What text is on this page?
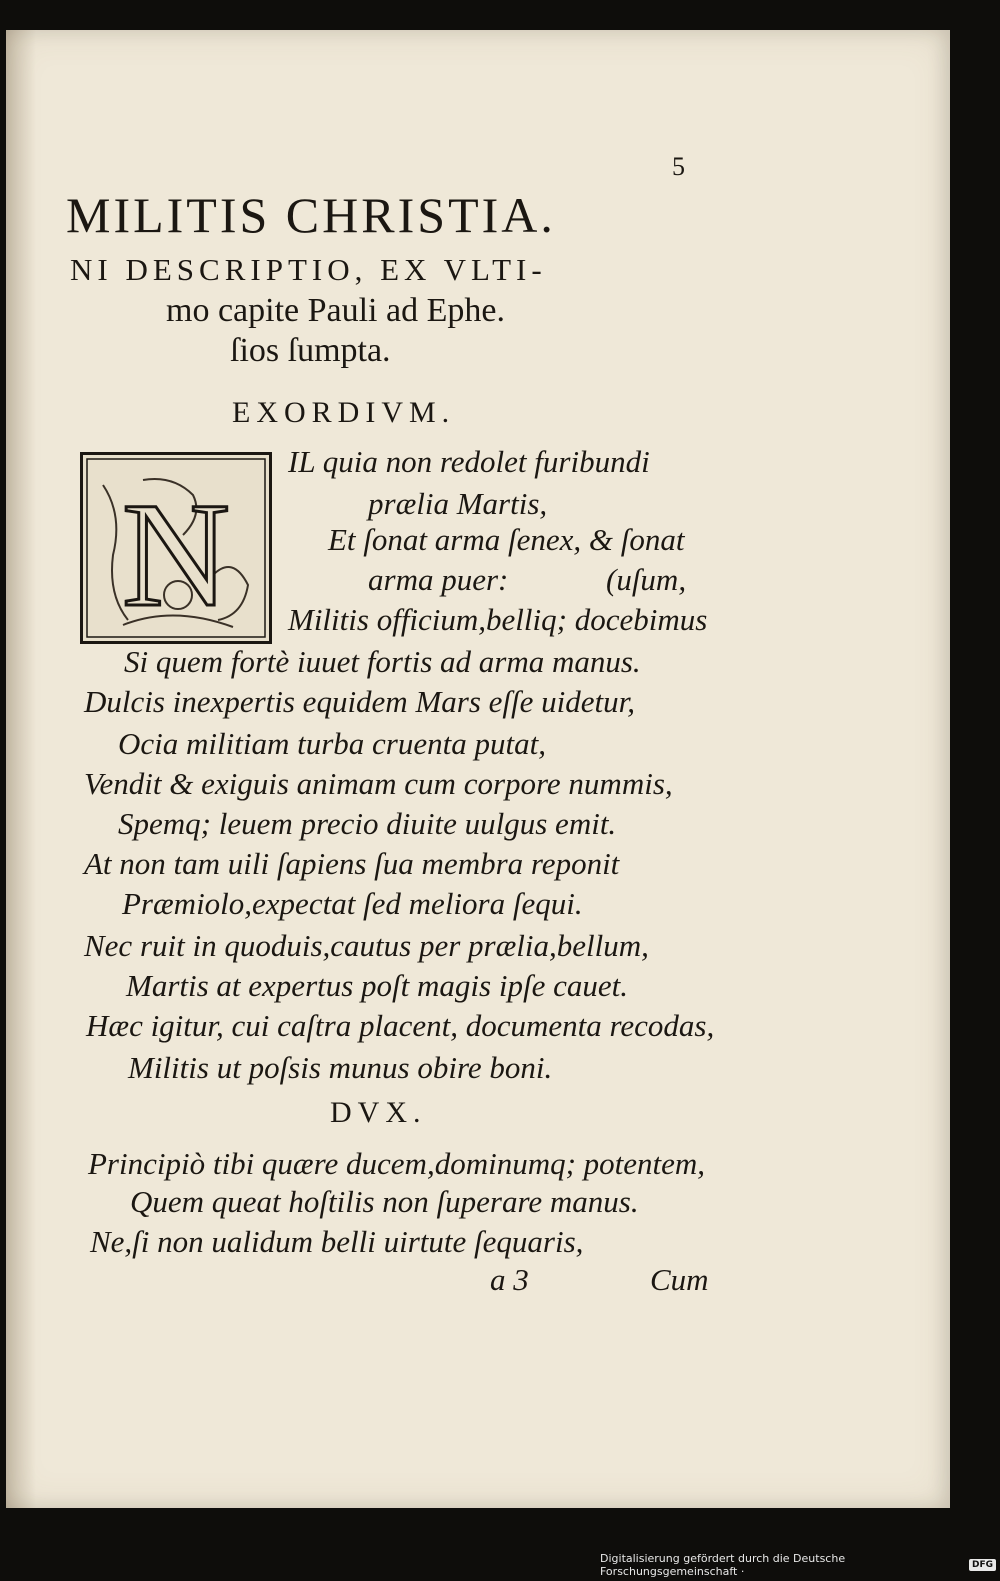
5
MILITIS CHRISTIA.
NI DESCRIPTIO, EX VLTI-
mo capite Pauli ad Ephe.
ſios ſumpta.
EXORDIVM.
N
IL quia non redolet furibundi
prælia Martis,
Et ſonat arma ſenex, & ſonat
arma puer:	(uſum,
Militis officium,belliq; docebimus
Si quem fortè iuuet fortis ad arma manus.
Dulcis inexpertis equidem Mars eſſe uidetur,
Ocia militiam turba cruenta putat,
Vendit & exiguis animam cum corpore nummis,
Spemq; leuem precio diuite uulgus emit.
At non tam uili ſapiens ſua membra reponit
Præmiolo,expectat ſed meliora ſequi.
Nec ruit in quoduis,cautus per prælia,bellum,
Martis at expertus poſt magis ipſe cauet.
Hæc igitur, cui caſtra placent, documenta recodas,
Militis ut poſsis munus obire boni.
DVX.
Principiò tibi quære ducem,dominumq; potentem,
Quem queat hoſtilis non ſuperare manus.
Ne,ſi non ualidum belli uirtute ſequaris,
a 3	Cum
Digitalisierung gefördert durch die Deutsche Forschungsgemeinschaft ·	DFG
